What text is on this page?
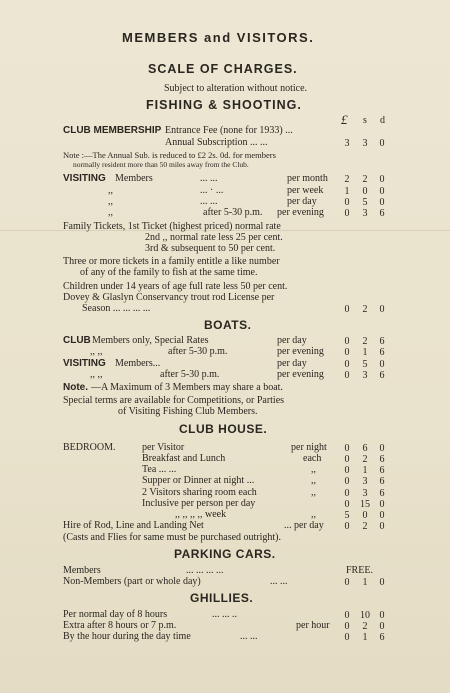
MEMBERS and VISITORS.
SCALE OF CHARGES.
Subject to alteration without notice.
FISHING & SHOOTING.
£ s d
CLUB MEMBERSHIP Entrance Fee (none for 1933) ...
Annual Subscription ... ...	3	3	0
Note :—The Annual Sub. is reduced to £2 2s. 0d. for members
normally resident more than 50 miles away from the Club.
VISITING Members	... ...	per month	2	2	0
,,	... · ...	per week	1	0	0
,,	... ...	per day	0	5	0
,,	after 5-30 p.m. per evening	0	3	6
Family Tickets, 1st Ticket (highest priced) normal rate
2nd ,, normal rate less 25 per cent.
3rd & subsequent to 50 per cent.
Three or more tickets in a family entitle a like number
of any of the family to fish at the same time.
Children under 14 years of age full rate less 50 per cent.
Dovey & Glaslyn Conservancy trout rod License per
Season ... ... ... ...	0	2	0
BOATS.
CLUB Members only, Special Rates	per day	0	2	6
,, ,,	after 5-30 p.m.	per evening	0	1	6
VISITING Members...	per day	0	5	0
,, ,,	after 5-30 p.m.	per evening	0	3	6
Note. —A Maximum of 3 Members may share a boat.
Special terms are available for Competitions, or Parties
of Visiting Fishing Club Members.
CLUB HOUSE.
BEDROOM.	per Visitor	per night	0	6	0
Breakfast and Lunch	each	0	2	6
Tea ... ...	,,	0	1	6
Supper or Dinner at night ...	,,	0	3	6
2 Visitors sharing room each	,,	0	3	6
Inclusive per person per day	0	15 0
,, ,, ,, ,, week	,,	5	0	0
Hire of Rod, Line and Landing Net	... per day	0	2	0
(Casts and Flies for same must be purchased outright).
PARKING CARS.
Members	... ... ... ...	FREE.
Non-Members (part or whole day)	... ...	0	1	0
GHILLIES.
Per normal day of 8 hours	... ... ..	0	10 0
Extra after 8 hours or 7 p.m.	per hour	0	2	0
By the hour during the day time	... ...	0	1	6
